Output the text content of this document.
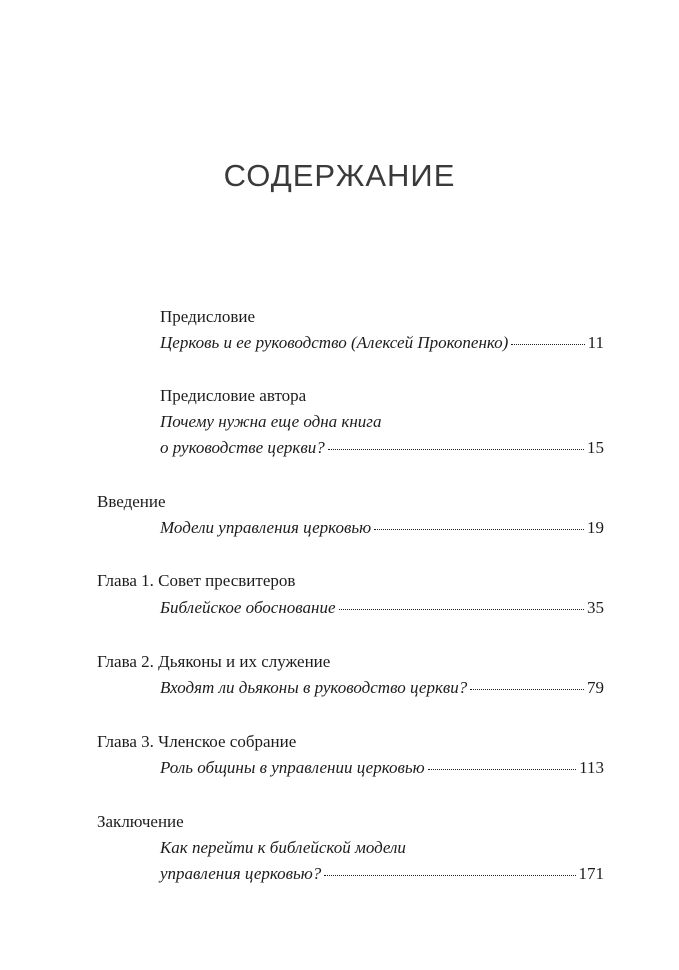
СОДЕРЖАНИЕ
Предисловие
Церковь и ее руководство (Алексей Прокопенко)	11
Предисловие автора
Почему нужна еще одна книга
о руководстве церкви?	15
Введение
Модели управления церковью	19
Глава 1. Совет пресвитеров
Библейское обоснование	35
Глава 2. Дьяконы и их служение
Входят ли дьяконы в руководство церкви?	79
Глава 3. Членское собрание
Роль общины в управлении церковью	113
Заключение
Как перейти к библейской модели
управления церковью?	171
